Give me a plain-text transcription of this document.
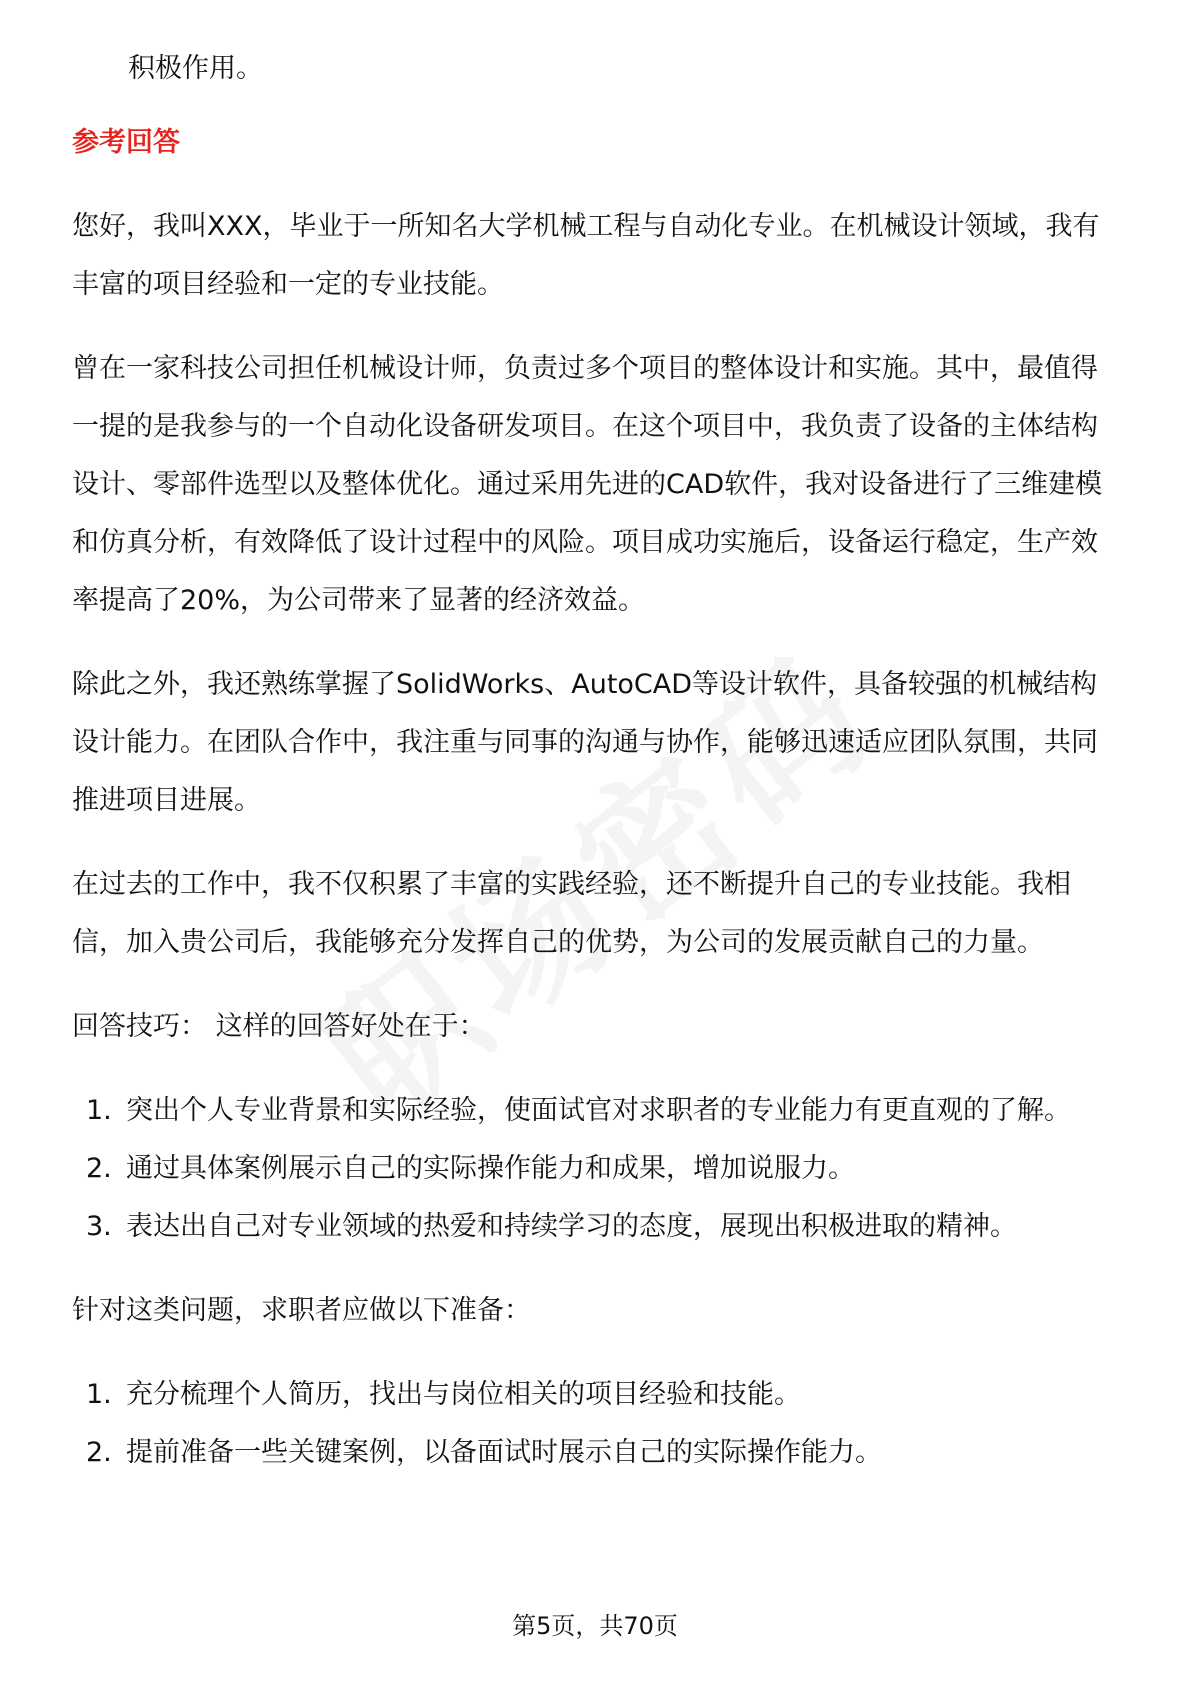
积极作用。

参考回答

您好，我叫XXX，毕业于一所知名大学机械工程与自动化专业。在机械设计领域，我有丰富的项目经验和一定的专业技能。

曾在一家科技公司担任机械设计师，负责过多个项目的整体设计和实施。其中，最值得一提的是我参与的一个自动化设备研发项目。在这个项目中，我负责了设备的主体结构设计、零部件选型以及整体优化。通过采用先进的CAD软件，我对设备进行了三维建模和仿真分析，有效降低了设计过程中的风险。项目成功实施后，设备运行稳定，生产效率提高了20%，为公司带来了显著的经济效益。

除此之外，我还熟练掌握了SolidWorks、AutoCAD等设计软件，具备较强的机械结构设计能力。在团队合作中，我注重与同事的沟通与协作，能够迅速适应团队氛围，共同推进项目进展。

在过去的工作中，我不仅积累了丰富的实践经验，还不断提升自己的专业技能。我相信，加入贵公司后，我能够充分发挥自己的优势，为公司的发展贡献自己的力量。

回答技巧： 这样的回答好处在于：

1. 突出个人专业背景和实际经验，使面试官对求职者的专业能力有更直观的了解。
2. 通过具体案例展示自己的实际操作能力和成果，增加说服力。
3. 表达出自己对专业领域的热爱和持续学习的态度，展现出积极进取的精神。

针对这类问题，求职者应做以下准备：

1. 充分梳理个人简历，找出与岗位相关的项目经验和技能。
2. 提前准备一些关键案例，以备面试时展示自己的实际操作能力。
第5页，共70页
